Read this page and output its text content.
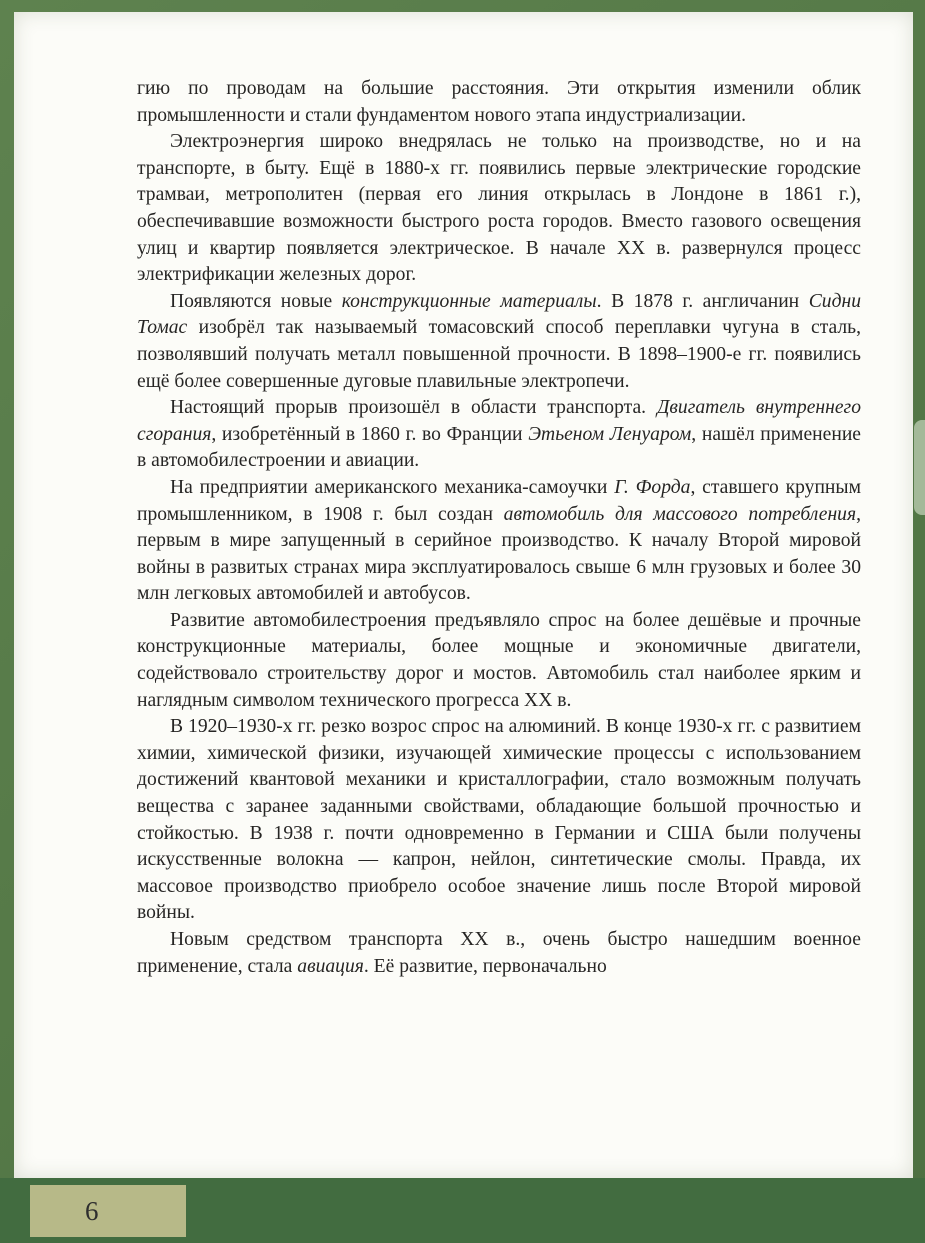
гию по проводам на большие расстояния. Эти открытия изменили облик промышленности и стали фундаментом нового этапа индустриализации.

Электроэнергия широко внедрялась не только на производстве, но и на транспорте, в быту. Ещё в 1880-х гг. появились первые электрические городские трамваи, метрополитен (первая его линия открылась в Лондоне в 1861 г.), обеспечивавшие возможности быстрого роста городов. Вместо газового освещения улиц и квартир появляется электрическое. В начале XX в. развернулся процесс электрификации железных дорог.

Появляются новые конструкционные материалы. В 1878 г. англичанин Сидни Томас изобрёл так называемый томасовский способ переплавки чугуна в сталь, позволявший получать металл повышенной прочности. В 1898–1900-е гг. появились ещё более совершенные дуговые плавильные электропечи.

Настоящий прорыв произошёл в области транспорта. Двигатель внутреннего сгорания, изобретённый в 1860 г. во Франции Этьеном Ленуаром, нашёл применение в автомобилестроении и авиации.

На предприятии американского механика-самоучки Г. Форда, ставшего крупным промышленником, в 1908 г. был создан автомобиль для массового потребления, первым в мире запущенный в серийное производство. К началу Второй мировой войны в развитых странах мира эксплуатировалось свыше 6 млн грузовых и более 30 млн легковых автомобилей и автобусов.

Развитие автомобилестроения предъявляло спрос на более дешёвые и прочные конструкционные материалы, более мощные и экономичные двигатели, содействовало строительству дорог и мостов. Автомобиль стал наиболее ярким и наглядным символом технического прогресса XX в.

В 1920–1930-х гг. резко возрос спрос на алюминий. В конце 1930-х гг. с развитием химии, химической физики, изучающей химические процессы с использованием достижений квантовой механики и кристаллографии, стало возможным получать вещества с заранее заданными свойствами, обладающие большой прочностью и стойкостью. В 1938 г. почти одновременно в Германии и США были получены искусственные волокна — капрон, нейлон, синтетические смолы. Правда, их массовое производство приобрело особое значение лишь после Второй мировой войны.

Новым средством транспорта XX в., очень быстро нашедшим военное применение, стала авиация. Её развитие, первоначально

6
